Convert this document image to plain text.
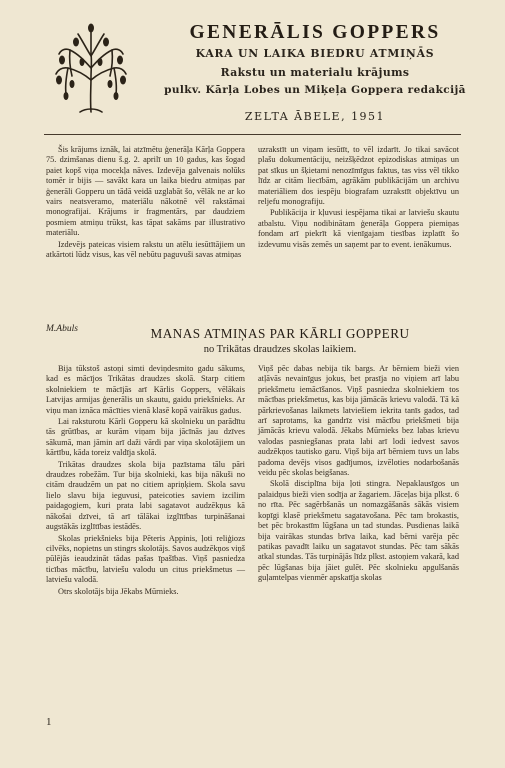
GENERĀLIS GOPPERS
KARA UN LAIKA BIEDRU ATMIŅĀS
Rakstu un materialu krājums
pulkv. Kārļa Lobes un Miķeļa Goppera redakcijā
ZELTA ĀBELE, 1951

Šis krājums iznāk, lai atzīmētu ģenerāļa Kārļa Goppera 75. dzimšanas dienu š.g. 2. aprilī un 10 gadus, kas šogad paiet kopš viņa mocekļa nāves. Izdevēja galvenais nolūks tomēr ir bijis — savākt kara un laika biedru atmiņas par ģenerāli Gopperu un tādā veidā uzglabāt šo, vēlāk ne ar ko vairs neatsveramo, materiālu nākotnē vēl rakstāmai monografijai. Krājums ir fragmentārs, par daudziem posmiem atmiņu trūkst, kas tāpat sakāms par illustrativo materiālu.

Izdevējs pateicas visiem rakstu un atēlu iesūtītājiem un atkārtoti lūdz visus, kas vēl nebūtu paguvuši savas atmiņas

uzrakstīt un viņam iesūtīt, to vēl izdarīt. Jo tikai savācot plašu dokumentāciju, neizšķēdzot epizodiskas atmiņas un pat sīkus un šķietami nenozīmīgus faktus, tas viss vēl tikko līdz ar citām liecībām, agrākām publikācijām un archivu materiāliem dos iespēju biografam uzrakstīt objektīvu un reljefu monografiju.

Publikācija ir kļuvusi iespējama tikai ar latviešu skautu atbalstu. Viņu nodibinātam ģenerāļa Goppera piemiņas fondam arī piekrīt kā vienīgajam tiesības izplatīt šo izdevumu visās zemēs un saņemt par to event. ienākumus.

M.Abuls	MANAS ATMIŅAS PAR KĀRLI GOPPERU
no Trikātas draudzes skolas laikiem.

Bija tūkstoš astoņi simti deviņdesmito gadu sākums, kad es mācījos Trikātas draudzes skolā. Starp citiem skolniekiem te mācījās arī Kārlis Goppers, vēlākais Latvijas armijas ģenerālis un skautu, gaidu priekšnieks. Ar viņu man iznāca mācīties vienā klasē kopā vairākus gadus.

Lai raksturotu Kārli Gopperu kā skolnieku un parādītu tās grūtības, ar kurām viņam bija jācīnās jau dzīves sākumā, man jāmin arī daži vārdi par viņa skolotājiem un kārtību, kāda toreiz valdīja skolā.

Trikātas draudzes skola bija pazīstama tālu pāri draudzes robežām. Tur bija skolnieki, kas bija nākuši no citām draudzēm un pat no citiem apriņķiem. Skola savu lielo slavu bija ieguvusi, pateicoties saviem izcilim paidagogiem, kuri prata labi sagatavot audzēkņus kā nākošai dzīvei, tā arī tālākai izglītības turpināšanai augstākās izglītības iestādēs.

Skolas priekšnieks bija Pēteris Appinis, ļoti reliģiozs cilvēks, nopietns un stingrs skolotājs. Savos audzēkņos viņš pūlējās ieaudzināt tādas pašas īpašības. Viņš pasniedza ticības mācību, latviešu valodu un citus priekšmetus — latviešu valodā.

Otrs skolotājs bija Jēkabs Mūrnieks.

Viņš pēc dabas nebija tik bargs. Ar bērniem bieži vien atļāvās nevainīgus jokus, bet prasīja no viņiem arī labu priekšmetu iemācīšanos. Viņš pasniedza skolniekiem tos mācības priekšmetus, kas bija jāmācās krievu valodā. Tā kā pārkrievošanas laikmets latviešiem iekrita tanīs gados, tad arī saprotams, ka gandrīz visi mācību priekšmeti bija jāmācās krievu valodā. Jēkabs Mūrnieks bez labas krievu valodas pasniegšanas prata labi arī lodi iedvest savos audzēkņos tautisko garu. Viņš bija arī bērniem tuvs un labs padoma devējs visos gadījumos, izvēloties nodarbošanās veidu pēc skolas beigšanas.

Skolā disciplīna bija ļoti stingra. Nepaklausīgos un palaidņus bieži vien sodīja ar žagariem. Jāceļas bija plkst. 6 no rīta. Pēc sagērbšanās un nomazgāšanās sākās visiem kopīgi klasē priekšmetu sagatavošana. Pēc tam brokastis, bet pēc brokastīm lūgšana un tad stundas. Pusdienas laikā bija vairākas stundas brīva laika, kad bērni varēja pēc patikas pavadīt laiku un sagatavot stundas. Pēc tam sākās atkal stundas. Tās turpinājās līdz plkst. astoņiem vakarā, kad pēc lūgšanas bija jāiet gulēt. Pēc skolnieku apgulšanās guļamtelpas vienmēr apskatīja skolas

1
